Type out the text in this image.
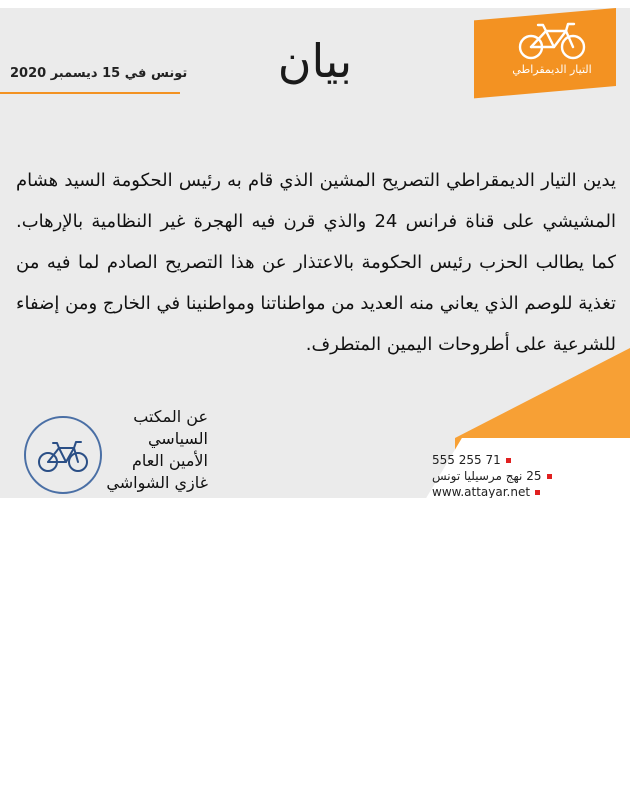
التيار الديمقراطي
تونس في 15 ديسمبر 2020	بيان
يدين التيار الديمقراطي التصريح المشين الذي قام به رئيس الحكومة السيد هشام المشيشي على قناة فرانس 24 والذي قرن فيه الهجرة غير النظامية بالإرهاب. كما يطالب الحزب رئيس الحكومة بالاعتذار عن هذا التصريح الصادم لما فيه من تغذية للوصم الذي يعاني منه العديد من مواطناتنا ومواطنينا في الخارج ومن إضفاء للشرعية على أطروحات اليمين المتطرف.
71 255 555
25 نهج مرسيليا تونس
www.attayar.net
عن المكتب السياسي
الأمين العام
غازي الشواشي
